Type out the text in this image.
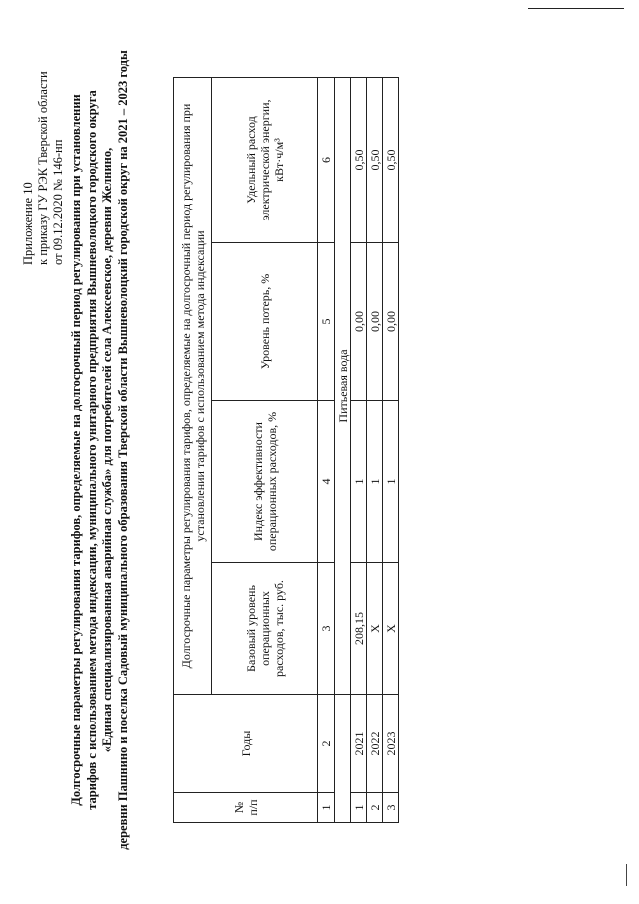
Приложение 10 к приказу ГУ РЭК Тверской области от 09.12.2020 № 146-нп Долгосрочные параметры регулирования тарифов, определяемые на долгосрочный период регулирования при установлении тарифов с использованием метода индексации, муниципального унитарного предприятия Вышневолоцкого городского округа «Единая специализированная аварийная служба» для потребителей села Алексеевское, деревни Желнино, деревни Пашнино и поселка Садовый муниципального образования Тверской области Вышневолоцкий городской округ на 2021 – 2023 годы	№ п/п	Годы	Долгосрочные параметры регулирования тарифов, определяемые на долгосрочный период регулирования при установлении тарифов с использованием метода индексации			
		Базовый уровень операционных расходов, тыс. руб.	Индекс эффективности операционных расходов, %	Уровень потерь, %	Удельный расход электрической энергии, кВт·ч/м³
1	2	3	4	5	6
		Питьевая вода			
1	2021	208,15	1	0,00	0,50
2	2022	Х	1	0,00	0,50
3	2023	Х	1	0,00	0,50
